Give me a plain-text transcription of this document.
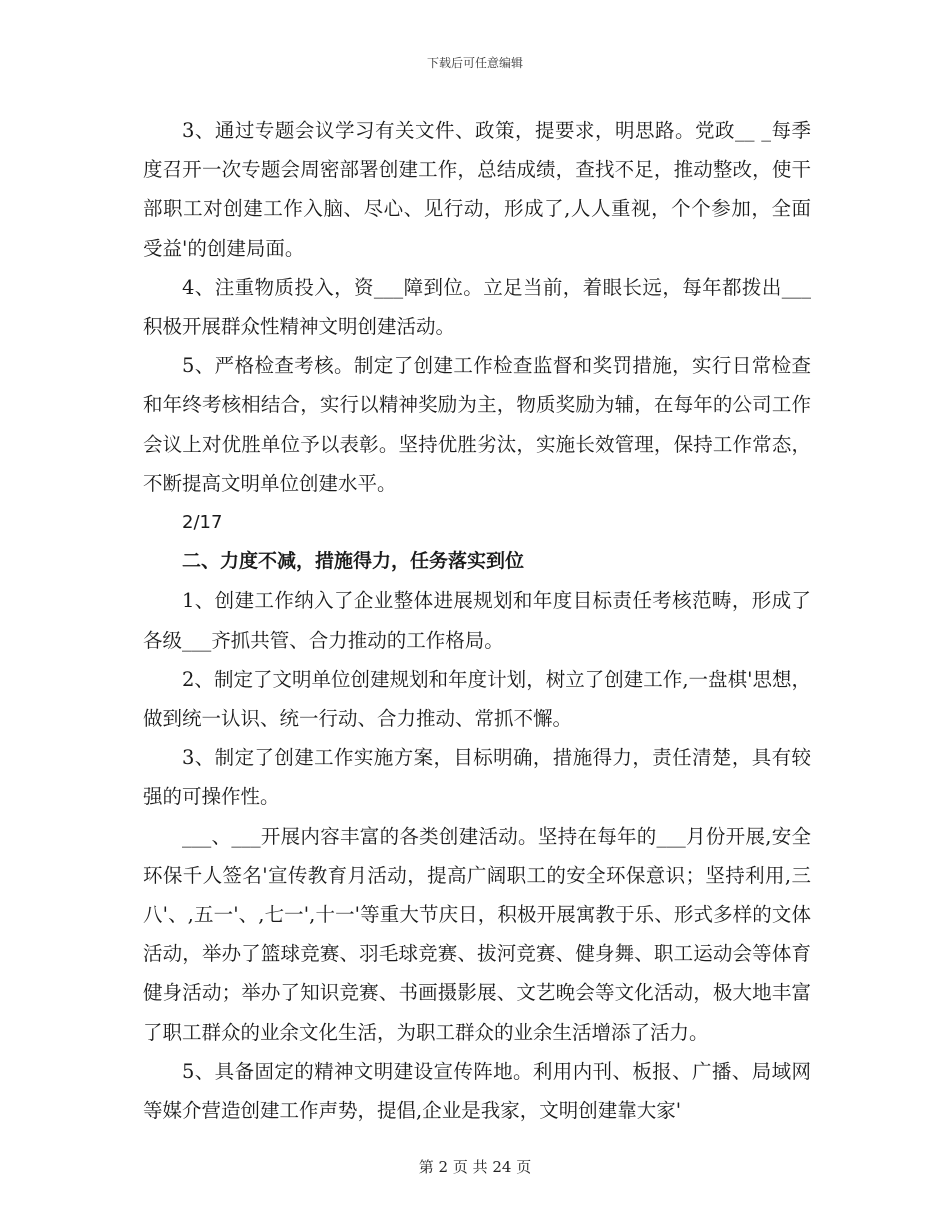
下载后可任意编辑

3、通过专题会议学习有关文件、政策，提要求，明思路。党政__ _每季度召开一次专题会周密部署创建工作，总结成绩，查找不足，推动整改，使干部职工对创建工作入脑、尽心、见行动，形成了,人人重视，个个参加，全面受益'的创建局面。

4、注重物质投入，资___障到位。立足当前，着眼长远，每年都拨出___积极开展群众性精神文明创建活动。

5、严格检查考核。制定了创建工作检查监督和奖罚措施，实行日常检查和年终考核相结合，实行以精神奖励为主，物质奖励为辅，在每年的公司工作会议上对优胜单位予以表彰。坚持优胜劣汰，实施长效管理，保持工作常态，不断提高文明单位创建水平。

2/17

二、力度不减，措施得力，任务落实到位

1、创建工作纳入了企业整体进展规划和年度目标责任考核范畴，形成了各级___齐抓共管、合力推动的工作格局。

2、制定了文明单位创建规划和年度计划，树立了创建工作,一盘棋'思想，做到统一认识、统一行动、合力推动、常抓不懈。

3、制定了创建工作实施方案，目标明确，措施得力，责任清楚，具有较强的可操作性。

___、___开展内容丰富的各类创建活动。坚持在每年的___月份开展,安全环保千人签名'宣传教育月活动，提高广阔职工的安全环保意识；坚持利用,三八'、,五一'、,七一',十一'等重大节庆日，积极开展寓教于乐、形式多样的文体活动，举办了篮球竞赛、羽毛球竞赛、拔河竞赛、健身舞、职工运动会等体育健身活动；举办了知识竞赛、书画摄影展、文艺晚会等文化活动，极大地丰富了职工群众的业余文化生活，为职工群众的业余生活增添了活力。

5、具备固定的精神文明建设宣传阵地。利用内刊、板报、广播、局域网等媒介营造创建工作声势，提倡,企业是我家，文明创建靠大家'

第 2 页 共 24 页
